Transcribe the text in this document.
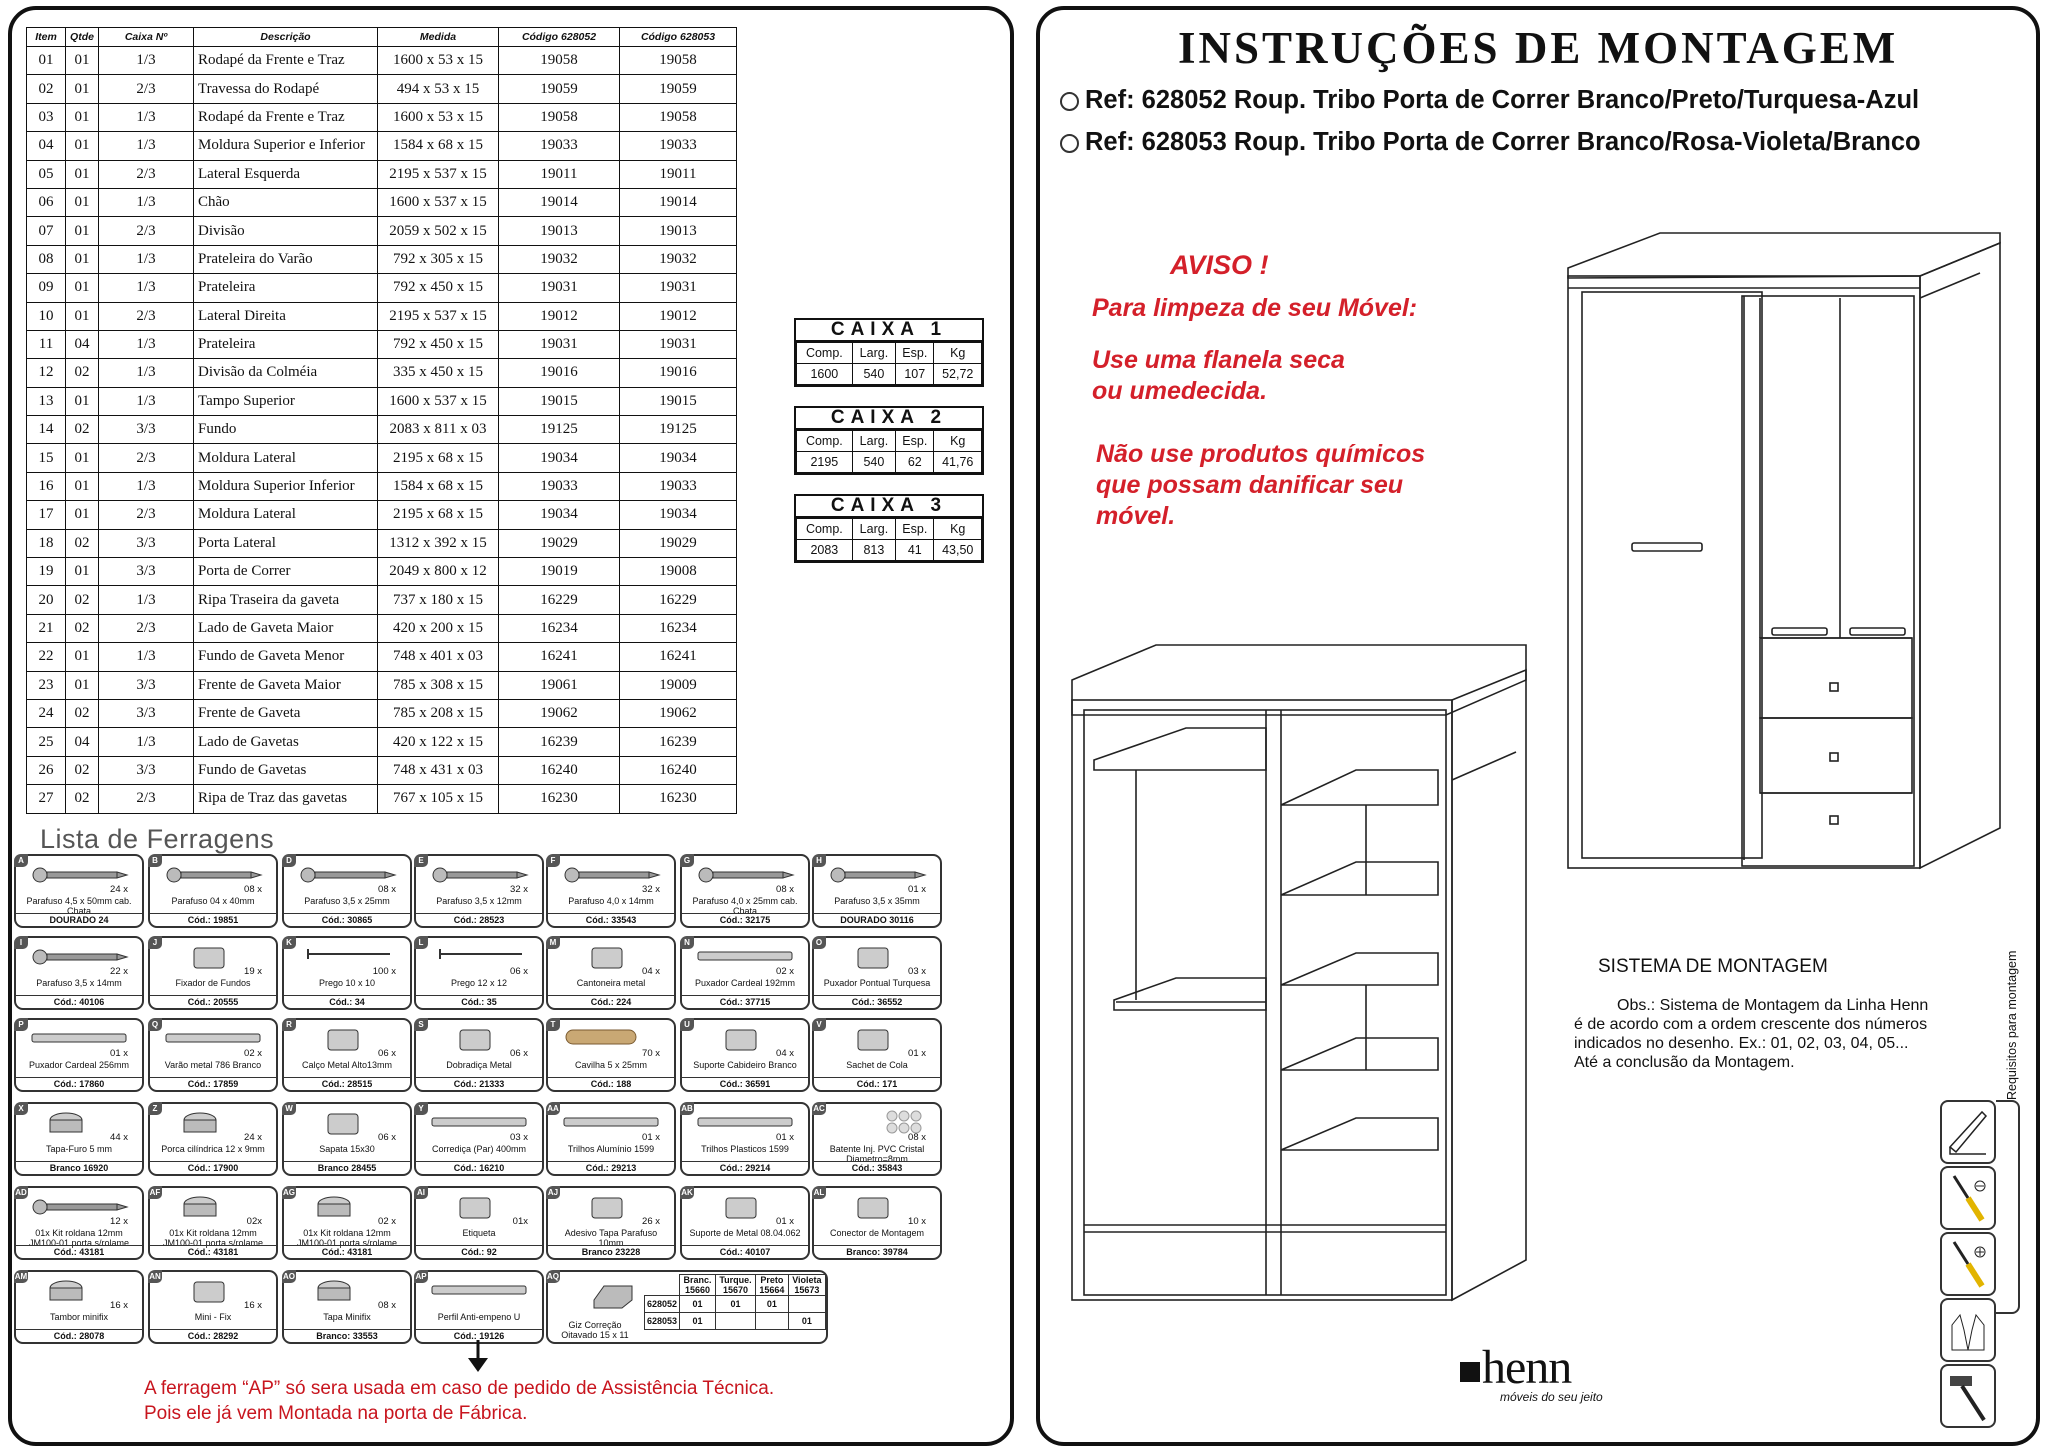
Item	Qtde	Caixa Nº	Descrição	Medida	Código 628052	Código 628053
01	01	1/3	Rodapé da Frente e Traz	1600 x 53 x 15	19058	19058
02	01	2/3	Travessa do Rodapé	494 x 53 x 15	19059	19059
03	01	1/3	Rodapé da Frente e Traz	1600 x 53 x 15	19058	19058
04	01	1/3	Moldura Superior e Inferior	1584 x 68 x 15	19033	19033
05	01	2/3	Lateral Esquerda	2195 x 537 x 15	19011	19011
06	01	1/3	Chão	1600 x 537 x 15	19014	19014
07	01	2/3	Divisão	2059 x 502 x 15	19013	19013
08	01	1/3	Prateleira do Varão	792 x 305 x 15	19032	19032
09	01	1/3	Prateleira	792 x 450 x 15	19031	19031
10	01	2/3	Lateral Direita	2195 x 537 x 15	19012	19012
11	04	1/3	Prateleira	792 x 450 x 15	19031	19031
12	02	1/3	Divisão da Colméia	335 x 450 x 15	19016	19016
13	01	1/3	Tampo Superior	1600 x 537 x 15	19015	19015
14	02	3/3	Fundo	2083 x 811 x 03	19125	19125
15	01	2/3	Moldura Lateral	2195 x 68 x 15	19034	19034
16	01	1/3	Moldura Superior Inferior	1584 x 68 x 15	19033	19033
17	01	2/3	Moldura Lateral	2195 x 68 x 15	19034	19034
18	02	3/3	Porta Lateral	1312 x 392 x 15	19029	19029
19	01	3/3	Porta de Correr	2049 x 800 x 12	19019	19008
20	02	1/3	Ripa Traseira da gaveta	737 x 180 x 15	16229	16229
21	02	2/3	Lado de Gaveta Maior	420 x 200 x 15	16234	16234
22	01	1/3	Fundo de Gaveta Menor	748 x 401 x 03	16241	16241
23	01	3/3	Frente de Gaveta Maior	785 x 308 x 15	19061	19009
24	02	3/3	Frente de Gaveta	785 x 208 x 15	19062	19062
25	04	1/3	Lado de Gavetas	420 x 122 x 15	16239	16239
26	02	3/3	Fundo de Gavetas	748 x 431 x 03	16240	16240
27	02	2/3	Ripa de Traz das gavetas	767 x 105 x 15	16230	16230
CAIXA 1
Comp.	Larg.	Esp.	Kg
1600	540	107	52,72
CAIXA 2
Comp.	Larg.	Esp.	Kg
2195	540	62	41,76
CAIXA 3
Comp.	Larg.	Esp.	Kg
2083	813	41	43,50
Lista de Ferragens
A
24 x
Parafuso 4,5 x 50mm cab. Chata
DOURADO 24
B
08 x
Parafuso 04 x 40mm
Cód.: 19851
D
08 x
Parafuso 3,5 x 25mm
Cód.: 30865
E
32 x
Parafuso 3,5 x 12mm
Cód.: 28523
F
32 x
Parafuso 4,0 x 14mm
Cód.: 33543
G
08 x
Parafuso 4,0 x 25mm cab. Chata
Cód.: 32175
H
01 x
Parafuso 3,5 x 35mm
DOURADO 30116
I
22 x
Parafuso 3,5 x 14mm
Cód.: 40106
J
19 x
Fixador de Fundos
Cód.: 20555
K
100 x
Prego 10 x 10
Cód.: 34
L
06 x
Prego 12 x 12
Cód.: 35
M
04 x
Cantoneira metal
Cód.: 224
N
02 x
Puxador Cardeal 192mm
Cód.: 37715
O
03 x
Puxador Pontual Turquesa
Cód.: 36552
P
01 x
Puxador Cardeal 256mm
Cód.: 17860
Q
02 x
Varão metal 786 Branco
Cód.: 17859
R
06 x
Calço Metal Alto13mm
Cód.: 28515
S
06 x
Dobradiça Metal
Cód.: 21333
T
70 x
Cavilha 5 x 25mm
Cód.: 188
U
04 x
Suporte Cabideiro Branco
Cód.: 36591
V
01 x
Sachet de Cola
Cód.: 171
X
44 x
Tapa-Furo 5 mm
Branco 16920
Z
24 x
Porca cilíndrica 12 x 9mm
Cód.: 17900
W
06 x
Sapata 15x30
Branco 28455
Y
03 x
Corrediça (Par) 400mm
Cód.: 16210
AA
01 x
Trilhos Alumínio 1599
Cód.: 29213
AB
01 x
Trilhos Plasticos 1599
Cód.: 29214
AC
08 x
Batente Inj. PVC Cristal Diametro=8mm
Cód.: 35843
AD
12 x
01x Kit roldana 12mm JM100-01 porta s/rolame
Cód.: 43181
AF
02x
01x Kit roldana 12mm JM100-01 porta s/rolame
Cód.: 43181
AG
02 x
01x Kit roldana 12mm JM100-01 porta s/rolame
Cód.: 43181
AI
01x
Etiqueta
Cód.: 92
AJ
26 x
Adesivo Tapa Parafuso 10mm
Branco 23228
AK
01 x
Suporte de Metal 08.04.062
Cód.: 40107
AL
10 x
Conector de Montagem
Branco: 39784
AM
16 x
Tambor minifix
Cód.: 28078
AN
16 x
Mini - Fix
Cód.: 28292
AO
08 x
Tapa Minifix
Branco: 33553
AP
Perfil Anti-empeno U
Cód.: 19126
AQ
Giz Correção Oitavado 15 x 11
	Branc. 15660	Turque. 15670	Preto 15664	Violeta 15673
628052	01	01	01	
628053	01			01
A ferragem “AP” só sera usada em caso de pedido de Assistência Técnica.
Pois ele já vem Montada na porta de Fábrica.
INSTRUÇÕES DE MONTAGEM
Ref: 628052 Roup. Tribo Porta de Correr Branco/Preto/Turquesa-Azul
Ref: 628053 Roup. Tribo Porta de Correr Branco/Rosa-Violeta/Branco
AVISO !
Para limpeza de seu Móvel:
Use uma flanela seca
ou umedecida.
Não use produtos químicos
que possam danificar seu
móvel.
SISTEMA DE MONTAGEM
Obs.: Sistema de Montagem da Linha Henn
é de acordo com a ordem crescente dos números
indicados no desenho. Ex.: 01, 02, 03, 04, 05...
Até a conclusão da Montagem.	Requisitos para montagem
henn
móveis do seu jeito
